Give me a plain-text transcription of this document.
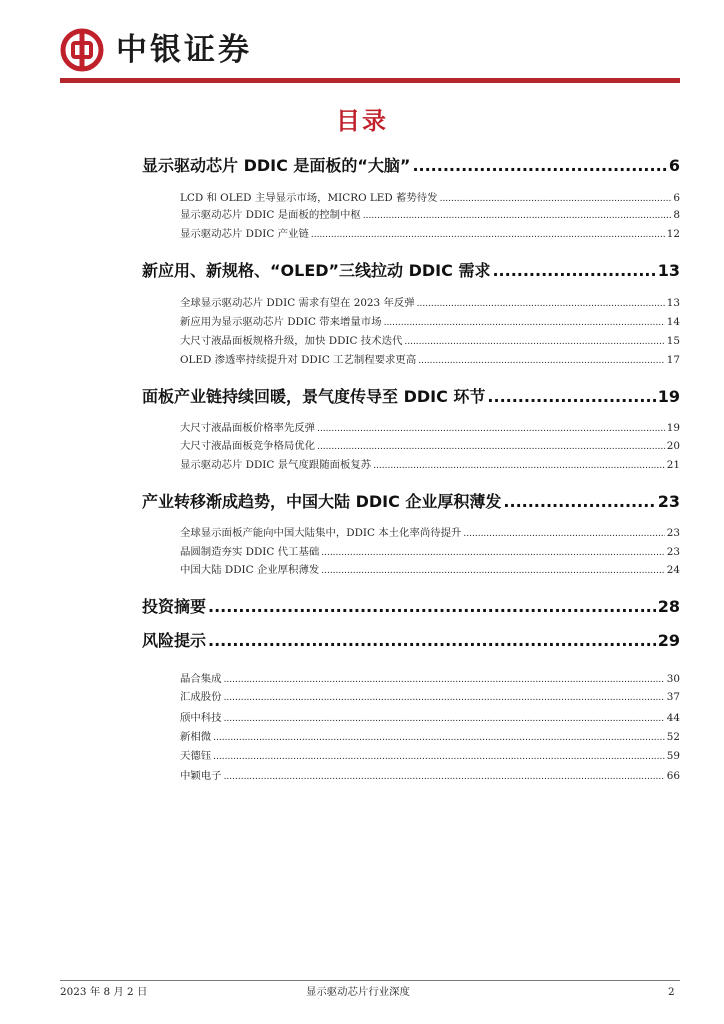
中银证券
目录
显示驱动芯片 DDIC 是面板的“大脑” .....	6
LCD 和 OLED 主导显示市场，MICRO LED 蓄势待发 .....	6
显示驱动芯片 DDIC 是面板的控制中枢 .....	8
显示驱动芯片 DDIC 产业链 .....	12
新应用、新规格、“OLED”三线拉动 DDIC 需求 .....	13
全球显示驱动芯片 DDIC 需求有望在 2023 年反弹 .....	13
新应用为显示驱动芯片 DDIC 带来增量市场 .....	14
大尺寸液晶面板规格升级，加快 DDIC 技术迭代 .....	15
OLED 渗透率持续提升对 DDIC 工艺制程要求更高 .....	17
面板产业链持续回暖，景气度传导至 DDIC 环节 .....	19
大尺寸液晶面板价格率先反弹 .....	19
大尺寸液晶面板竞争格局优化 .....	20
显示驱动芯片 DDIC 景气度跟随面板复苏 .....	21
产业转移渐成趋势，中国大陆 DDIC 企业厚积薄发 .....	23
全球显示面板产能向中国大陆集中，DDIC 本土化率尚待提升 .....	23
晶圆制造夯实 DDIC 代工基础 .....	23
中国大陆 DDIC 企业厚积薄发 .....	24
投资摘要 .....	28
风险提示 .....	29
晶合集成 .....	30
汇成股份 .....	37
颀中科技 .....	44
新相微 .....	52
天德钰 .....	59
中颖电子 .....	66
2023 年 8 月 2 日	显示驱动芯片行业深度	2
